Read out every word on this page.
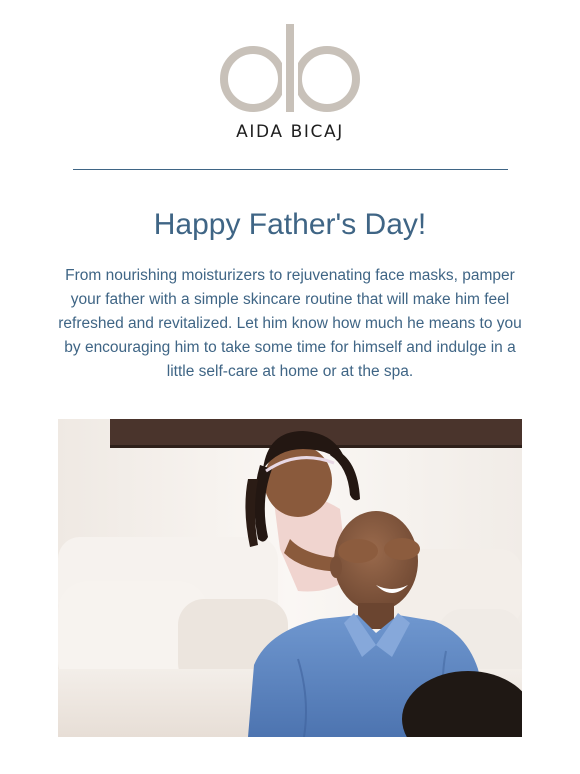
AIDA BICAJ
Happy Father's Day!
From nourishing moisturizers to rejuvenating face masks, pamper your father with a simple skincare routine that will make him feel refreshed and revitalized. Let him know how much he means to you by encouraging him to take some time for himself and indulge in a little self-care at home or at the spa.
